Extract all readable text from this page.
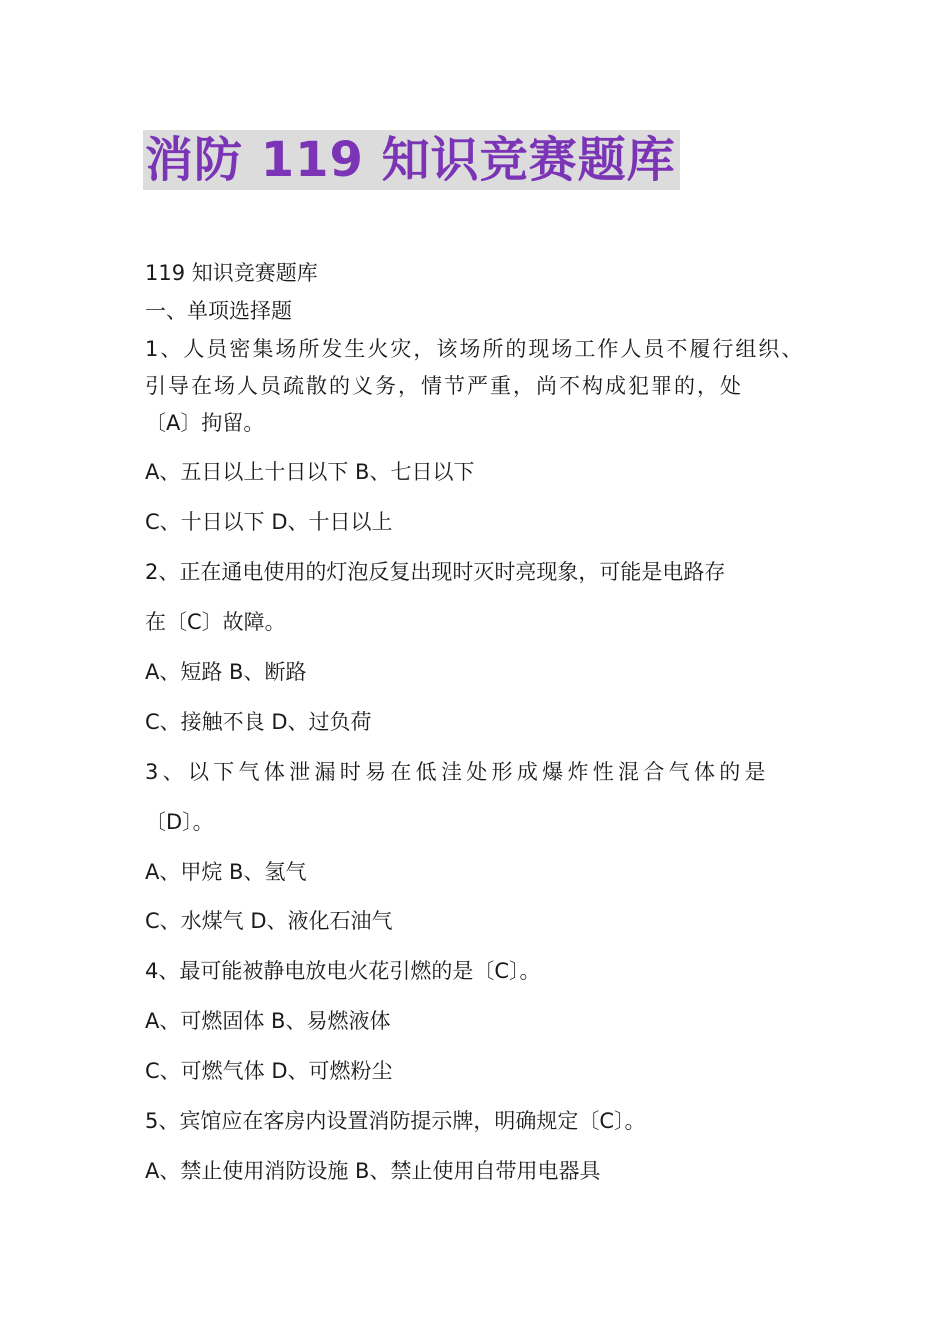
消防 119 知识竞赛题库
119 知识竞赛题库
一、单项选择题
1、人员密集场所发生火灾，该场所的现场工作人员不履行组织、
引导在场人员疏散的义务，情节严重，尚不构成犯罪的，处
〔A〕拘留。
A、五日以上十日以下 B、七日以下
C、十日以下 D、十日以上
2、正在通电使用的灯泡反复出现时灭时亮现象，可能是电路存
在〔C〕故障。
A、短路 B、断路
C、接触不良 D、过负荷
3、以下气体泄漏时易在低洼处形成爆炸性混合气体的是
〔D〕。
A、甲烷 B、氢气
C、水煤气 D、液化石油气
4、最可能被静电放电火花引燃的是〔C〕。
A、可燃固体 B、易燃液体
C、可燃气体 D、可燃粉尘
5、宾馆应在客房内设置消防提示牌，明确规定〔C〕。
A、禁止使用消防设施 B、禁止使用自带用电器具
